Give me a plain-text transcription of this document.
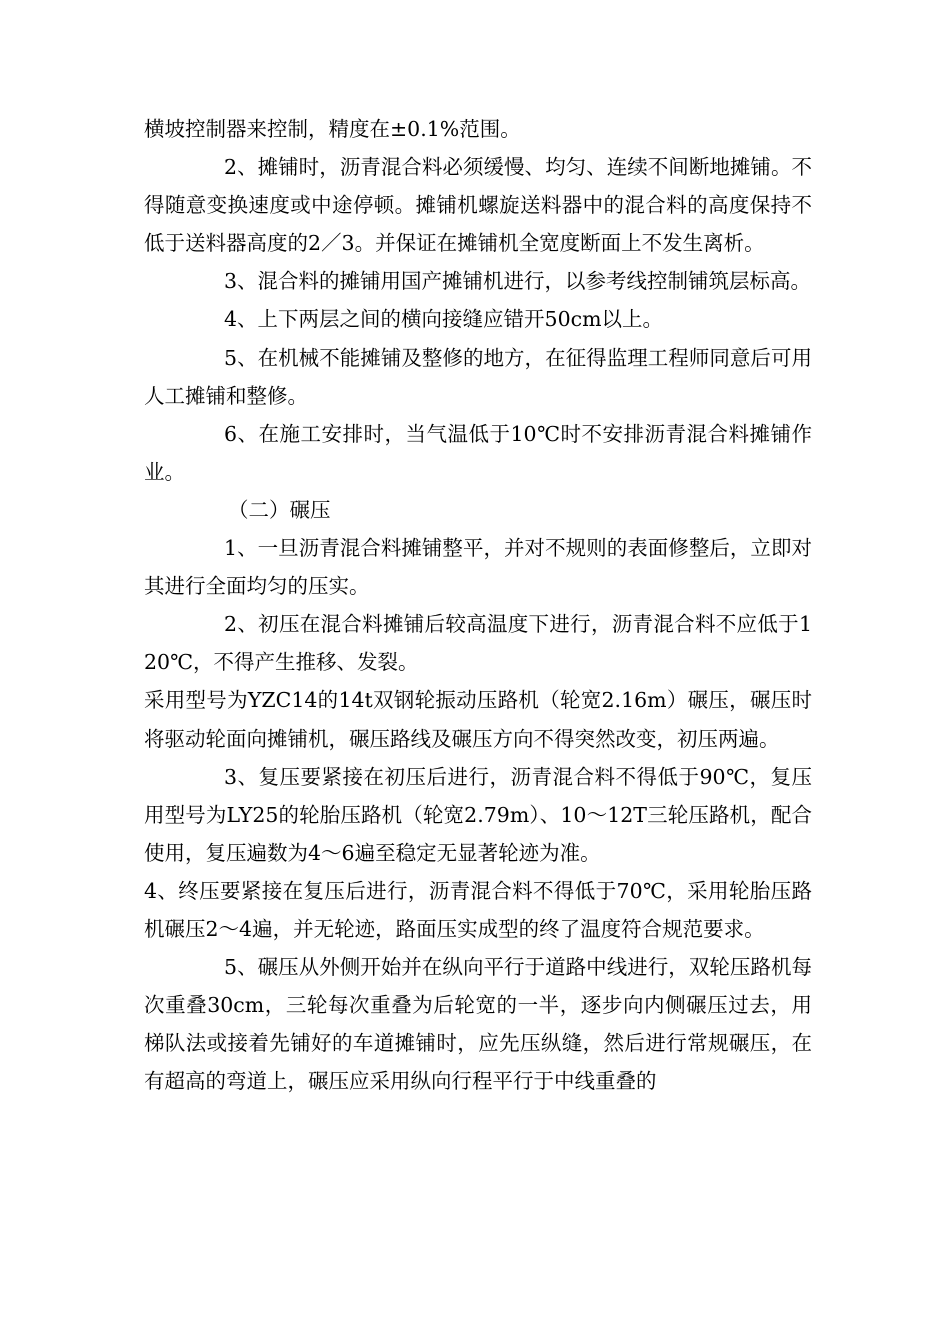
横坡控制器来控制，精度在±0.1%范围。

2、摊铺时，沥青混合料必须缓慢、均匀、连续不间断地摊铺。不得随意变换速度或中途停顿。摊铺机螺旋送料器中的混合料的高度保持不低于送料器高度的2／3。并保证在摊铺机全宽度断面上不发生离析。

3、混合料的摊铺用国产摊铺机进行，以参考线控制铺筑层标高。

4、上下两层之间的横向接缝应错开50cm以上。

5、在机械不能摊铺及整修的地方，在征得监理工程师同意后可用人工摊铺和整修。

6、在施工安排时，当气温低于10℃时不安排沥青混合料摊铺作业。

（二）碾压

1、一旦沥青混合料摊铺整平，并对不规则的表面修整后，立即对其进行全面均匀的压实。

2、初压在混合料摊铺后较高温度下进行，沥青混合料不应低于120℃，不得产生推移、发裂。

采用型号为YZC14的14t双钢轮振动压路机（轮宽2.16m）碾压，碾压时将驱动轮面向摊铺机，碾压路线及碾压方向不得突然改变，初压两遍。

3、复压要紧接在初压后进行，沥青混合料不得低于90℃，复压用型号为LY25的轮胎压路机（轮宽2.79m）、10～12T三轮压路机，配合使用，复压遍数为4～6遍至稳定无显著轮迹为准。

4、终压要紧接在复压后进行，沥青混合料不得低于70℃，采用轮胎压路机碾压2～4遍，并无轮迹，路面压实成型的终了温度符合规范要求。

5、碾压从外侧开始并在纵向平行于道路中线进行，双轮压路机每次重叠30cm，三轮每次重叠为后轮宽的一半，逐步向内侧碾压过去，用梯队法或接着先铺好的车道摊铺时，应先压纵缝，然后进行常规碾压，在有超高的弯道上，碾压应采用纵向行程平行于中线重叠的
